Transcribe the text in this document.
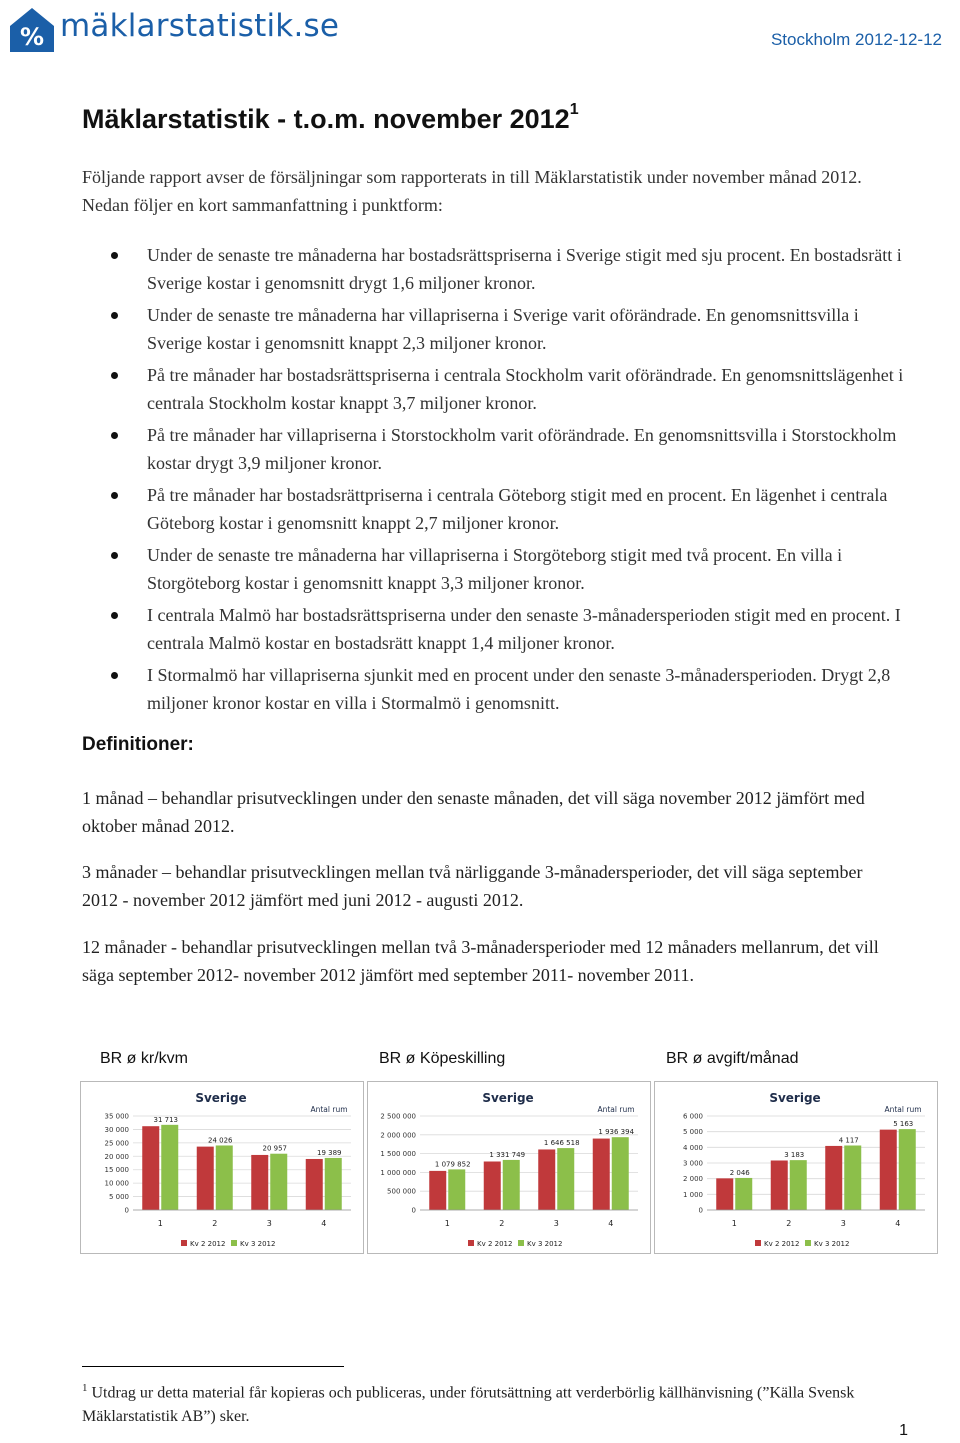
% mäklarstatistik.se	Stockholm 2012-12-12
Mäklarstatistik - t.o.m. november 2012$^1$
Följande rapport avser de försäljningar som rapporterats in till Mäklarstatistik under november månad 2012. Nedan följer en kort sammanfattning i punktform:
Under de senaste tre månaderna har bostadsrättspriserna i Sverige stigit med sju procent. En bostadsrätt i Sverige kostar i genomsnitt drygt 1,6 miljoner kronor.
Under de senaste tre månaderna har villapriserna i Sverige varit oförändrade. En genomsnittsvilla i Sverige kostar i genomsnitt knappt 2,3 miljoner kronor.
På tre månader har bostadsrättspriserna i centrala Stockholm varit oförändrade. En genomsnittslägenhet i centrala Stockholm kostar knappt 3,7 miljoner kronor.
På tre månader har villapriserna i Storstockholm varit oförändrade. En genomsnittsvilla i Storstockholm kostar drygt 3,9 miljoner kronor.
På tre månader har bostadsrättpriserna i centrala Göteborg stigit med en procent. En lägenhet i centrala Göteborg kostar i genomsnitt knappt 2,7 miljoner kronor.
Under de senaste tre månaderna har villapriserna i Storgöteborg stigit med två procent. En villa i Storgöteborg kostar i genomsnitt knappt 3,3 miljoner kronor.
I centrala Malmö har bostadsrättspriserna under den senaste 3-månadersperioden stigit med en procent. I centrala Malmö kostar en bostadsrätt knappt 1,4 miljoner kronor.
I Stormalmö har villapriserna sjunkit med en procent under den senaste 3-månadersperioden. Drygt 2,8 miljoner kronor kostar en villa i Stormalmö i genomsnitt.
Definitioner:
1 månad – behandlar prisutvecklingen under den senaste månaden, det vill säga november 2012 jämfört med oktober månad 2012.
3 månader – behandlar prisutvecklingen mellan två närliggande 3-månadersperioder, det vill säga september 2012 - november 2012 jämfört med juni 2012 - augusti 2012.
12 månader - behandlar prisutvecklingen mellan två 3-månadersperioder med 12 månaders mellanrum, det vill säga september 2012- november 2012 jämfört med september 2011- november 2011.
BR ø kr/kvm	BR ø Köpeskilling	BR ø avgift/månad
Sverige
Antal rum
0
5 000
10 000
15 000
20 000
25 000
30 000
35 000	31 713
1
24 026
2
20 957
3
19 389
4
Kv 2 2012 Kv 3 2012
Sverige
Antal rum
0
500 000
1 000 000
1 500 000
2 000 000
2 500 000
1 079 852
1
1 331 749
2
1 646 518
3
1 936 394
4
Kv 2 2012 Kv 3 2012
Sverige
Antal rum
0
1 000
2 000
3 000
4 000
5 000
6 000
2 046
1
3 183
2
4 117
3
5 163
4
Kv 2 2012 Kv 3 2012
$^1$ Utdrag ur detta material får kopieras och publiceras, under förutsättning att verderbörlig källhänvisning (”Källa Svensk Mäklarstatistik AB”) sker.
1
